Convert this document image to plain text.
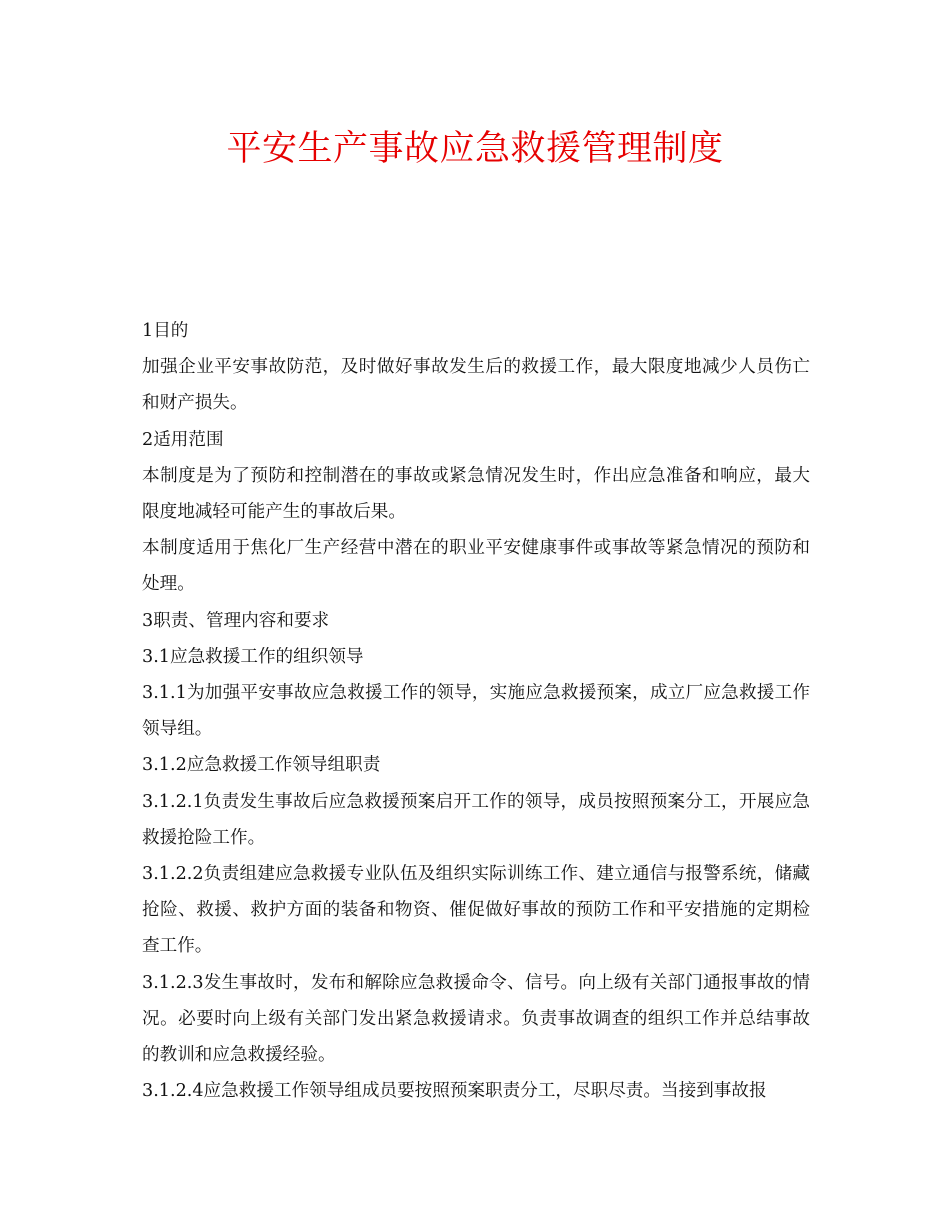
平安生产事故应急救援管理制度

1目的

加强企业平安事故防范，及时做好事故发生后的救援工作，最大限度地减少人员伤亡和财产损失。

2适用范围

本制度是为了预防和控制潜在的事故或紧急情况发生时，作出应急准备和响应，最大限度地减轻可能产生的事故后果。

本制度适用于焦化厂生产经营中潜在的职业平安健康事件或事故等紧急情况的预防和处理。

3职责、管理内容和要求

3.1应急救援工作的组织领导

3.1.1为加强平安事故应急救援工作的领导，实施应急救援预案，成立厂应急救援工作领导组。

3.1.2应急救援工作领导组职责

3.1.2.1负责发生事故后应急救援预案启开工作的领导，成员按照预案分工，开展应急救援抢险工作。

3.1.2.2负责组建应急救援专业队伍及组织实际训练工作、建立通信与报警系统，储藏抢险、救援、救护方面的装备和物资、催促做好事故的预防工作和平安措施的定期检查工作。

3.1.2.3发生事故时，发布和解除应急救援命令、信号。向上级有关部门通报事故的情况。必要时向上级有关部门发出紧急救援请求。负责事故调查的组织工作并总结事故的教训和应急救援经验。

3.1.2.4应急救援工作领导组成员要按照预案职责分工，尽职尽责。当接到事故报
